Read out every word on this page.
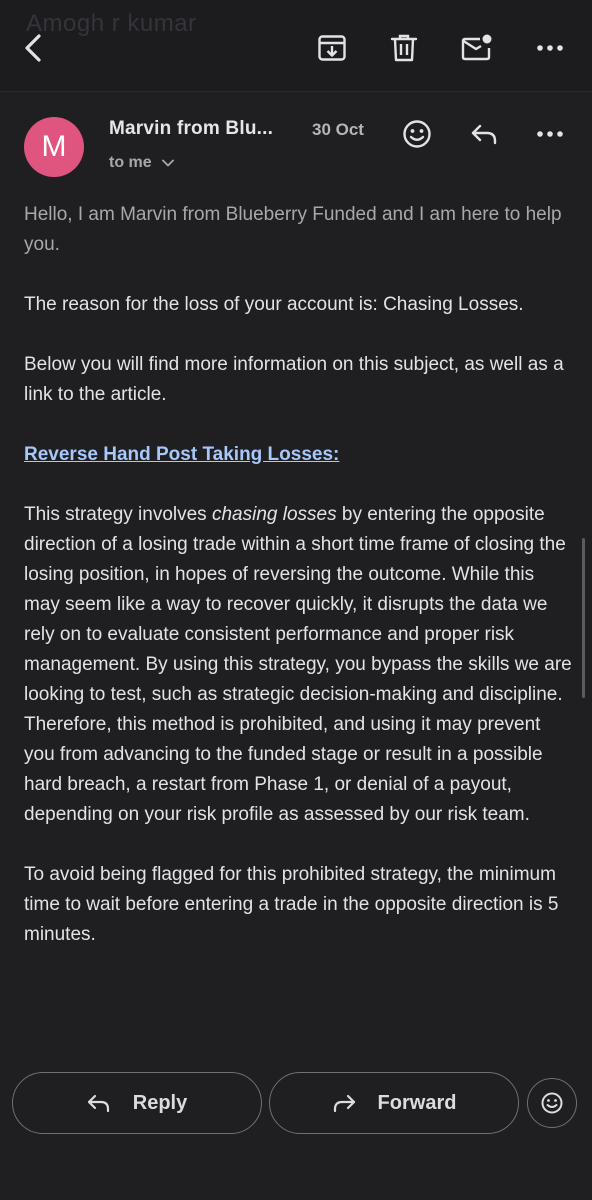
Amogh r kumar
M
Marvin from Blu... 30 Oct
to me

Hello, I am Marvin from Blueberry Funded and I am here to help you.

The reason for the loss of your account is: Chasing Losses.

Below you will find more information on this subject, as well as a link to the article.

Reverse Hand Post Taking Losses:

This strategy involves chasing losses by entering the opposite direction of a losing trade within a short time frame of closing the losing position, in hopes of reversing the outcome. While this may seem like a way to recover quickly, it disrupts the data we rely on to evaluate consistent performance and proper risk management. By using this strategy, you bypass the skills we are looking to test, such as strategic decision-making and discipline. Therefore, this method is prohibited, and using it may prevent you from advancing to the funded stage or result in a possible hard breach, a restart from Phase 1, or denial of a payout, depending on your risk profile as assessed by our risk team.

To avoid being flagged for this prohibited strategy, the minimum time to wait before entering a trade in the opposite direction is 5 minutes.

Reply	Forward
